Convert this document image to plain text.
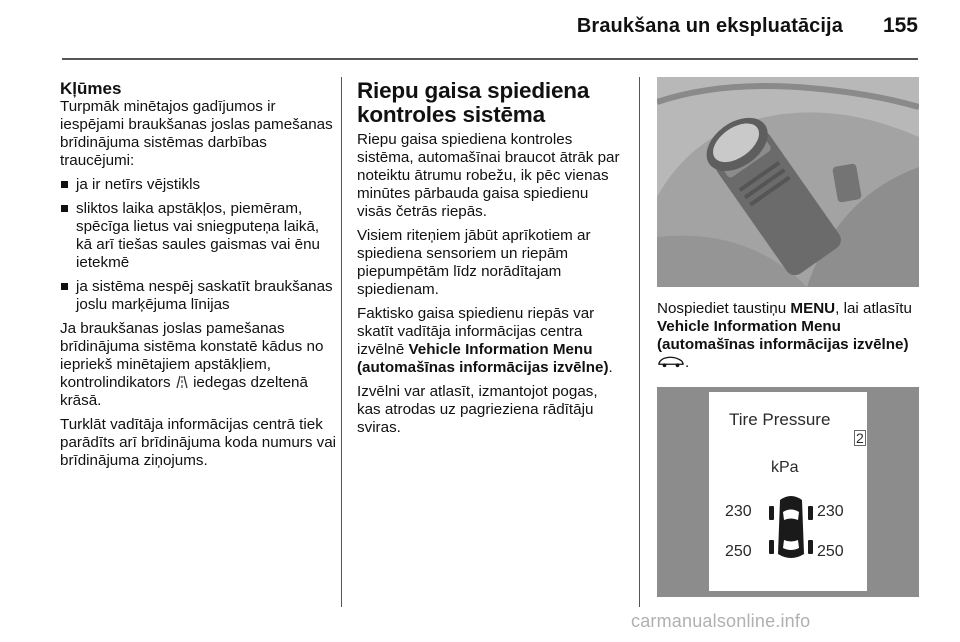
Braukšana un ekspluatācija 155
Kļūmes

Turpmāk minētajos gadījumos ir iespējami braukšanas joslas pamešanas brīdinājuma sistēmas darbības traucējumi:

ja ir netīrs vējstikls
sliktos laika apstākļos, piemēram, spēcīga lietus vai sniegputeņa laikā, kā arī tiešas saules gaismas vai ēnu ietekmē
ja sistēma nespēj saskatīt braukšanas joslu marķējuma līnijas

Ja braukšanas joslas pamešanas brīdinājuma sistēma konstatē kādus no iepriekš minētajiem apstākļiem, kontrolindikators iedegas dzeltenā krāsā.

Turklāt vadītāja informācijas centrā tiek parādīts arī brīdinājuma koda numurs vai brīdinājuma ziņojums.

Riepu gaisa spiediena kontroles sistēma

Riepu gaisa spiediena kontroles sistēma, automašīnai braucot ātrāk par noteiktu ātrumu robežu, ik pēc vienas minūtes pārbauda gaisa spiedienu visās četrās riepās.

Visiem riteņiem jābūt aprīkotiem ar spiediena sensoriem un riepām piepumpētām līdz norādītajam spiedienam.

Faktisko gaisa spiedienu riepās var skatīt vadītāja informācijas centra izvēlnē Vehicle Information Menu (automašīnas informācijas izvēlne).

Izvēlni var atlasīt, izmantojot pogas, kas atrodas uz pagrieziena rādītāju sviras.

Nospiediet taustiņu MENU, lai atlasītu Vehicle Information Menu (automašīnas informācijas izvēlne)
.

Tire Pressure
2
kPa
230	230
250	250
carmanualsonline.info
